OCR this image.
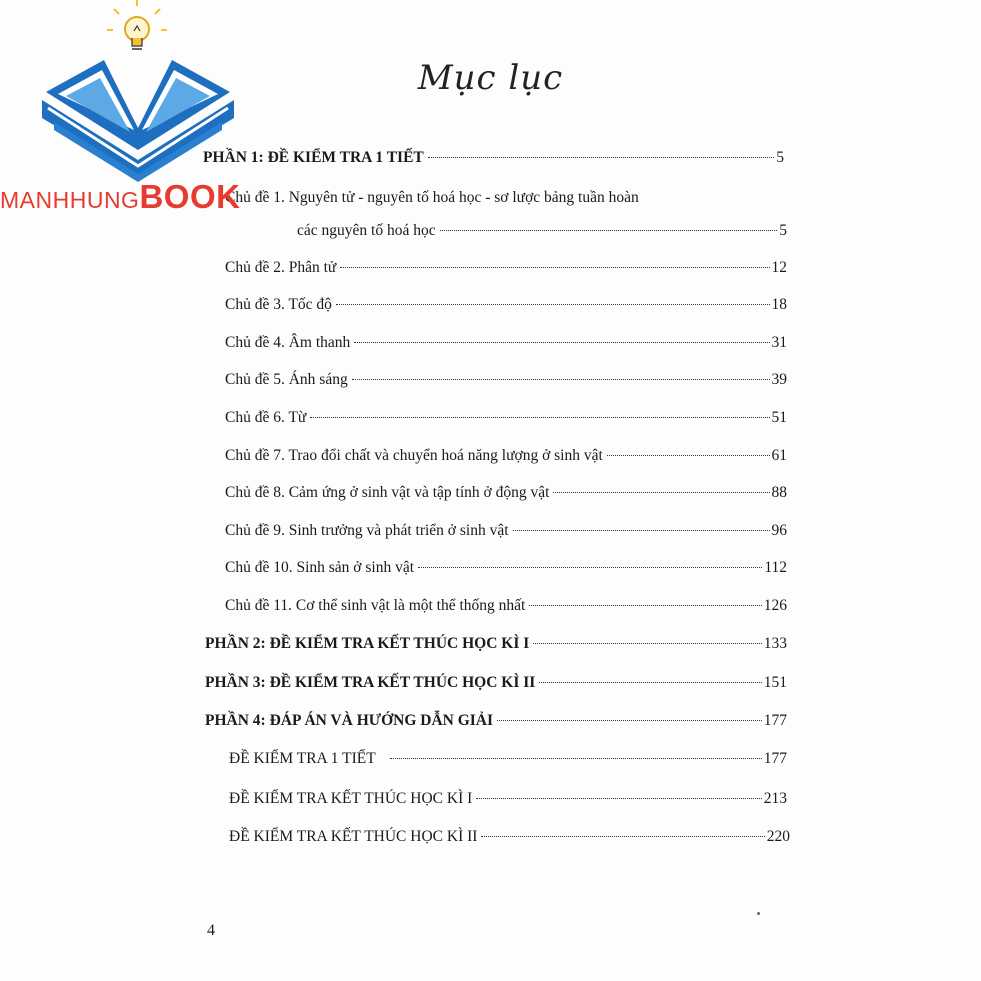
Mục lục
PHẦN 1: ĐỀ KIỂM TRA 1 TIẾT	5
Chủ đề 1. Nguyên tử - nguyên tố hoá học - sơ lược bảng tuần hoàn
các nguyên tố hoá học	5
Chủ đề 2. Phân tử	12
Chủ đề 3. Tốc độ	18
Chủ đề 4. Âm thanh	31
Chủ đề 5. Ánh sáng	39
Chủ đề 6. Từ	51
Chủ đề 7. Trao đổi chất và chuyển hoá năng lượng ở sinh vật	61
Chủ đề 8. Cảm ứng ở sinh vật và tập tính ở động vật	88
Chủ đề 9. Sinh trưởng và phát triển ở sinh vật	96
Chủ đề 10. Sinh sản ở sinh vật	112
Chủ đề 11. Cơ thể sinh vật là một thể thống nhất	126
PHẦN 2: ĐỀ KIỂM TRA KẾT THÚC HỌC KÌ I	133
PHẦN 3: ĐỀ KIỂM TRA KẾT THÚC HỌC KÌ II	151
PHẦN 4: ĐÁP ÁN VÀ HƯỚNG DẪN GIẢI	177
ĐỀ KIỂM TRA 1 TIẾT	177
ĐỀ KIỂM TRA KẾT THÚC HỌC KÌ I	213
ĐỀ KIỂM TRA KẾT THÚC HỌC KÌ II	220
4
MANHHUNGBOOK
